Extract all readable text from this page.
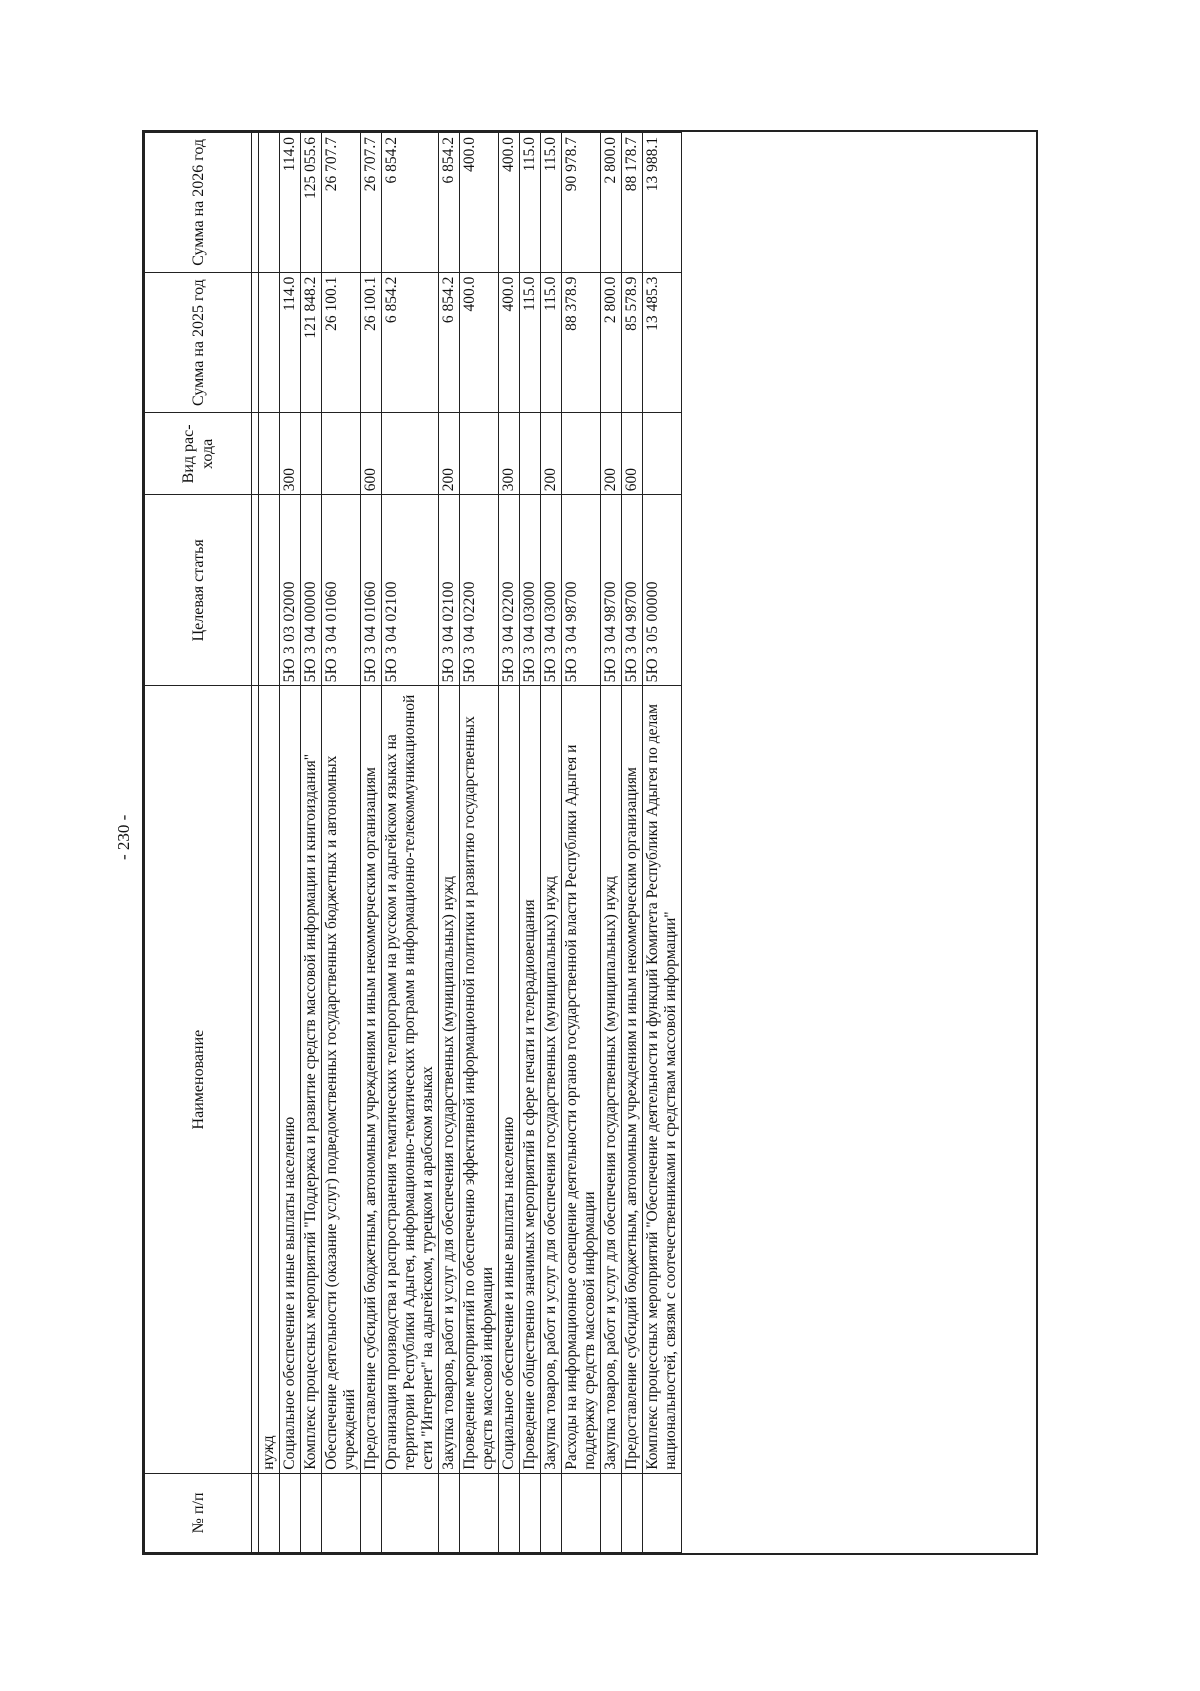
- 230 -
№ п/п	Наименование	Целевая статья	Вид рас- хода	Сумма на 2025 год	Сумма на 2026 год

	нужд				
	Социальное обеспечение и иные выплаты населению	5Ю 3 03 02000	300	114.0	114.0
	Комплекс процессных мероприятий "Поддержка и развитие средств массовой информации и книгоиздания"	5Ю 3 04 00000		121 848.2	125 055.6
	Обеспечение деятельности (оказание услуг) подведомственных государственных бюджетных и автономных учреждений	5Ю 3 04 01060		26 100.1	26 707.7
	Предоставление субсидий бюджетным, автономным учреждениям и иным некоммерческим организациям	5Ю 3 04 01060	600	26 100.1	26 707.7
	Организация производства и распространения тематических телепрограмм на русском и адыгейском языках на территории Республики Адыгея, информационно-тематических программ в информационно-телекоммуникационной сети "Интернет" на адыгейском, турецком и арабском языках	5Ю 3 04 02100		6 854.2	6 854.2
	Закупка товаров, работ и услуг для обеспечения государственных (муниципальных) нужд	5Ю 3 04 02100	200	6 854.2	6 854.2
	Проведение мероприятий по обеспечению эффективной информационной политики и развитию государственных средств массовой информации	5Ю 3 04 02200		400.0	400.0
	Социальное обеспечение и иные выплаты населению	5Ю 3 04 02200	300	400.0	400.0
	Проведение общественно значимых мероприятий в сфере печати и телерадиовещания	5Ю 3 04 03000		115.0	115.0
	Закупка товаров, работ и услуг для обеспечения государственных (муниципальных) нужд	5Ю 3 04 03000	200	115.0	115.0
	Расходы на информационное освещение деятельности органов государственной власти Республики Адыгея и поддержку средств массовой информации	5Ю 3 04 98700		88 378.9	90 978.7
	Закупка товаров, работ и услуг для обеспечения государственных (муниципальных) нужд	5Ю 3 04 98700	200	2 800.0	2 800.0
	Предоставление субсидий бюджетным, автономным учреждениям и иным некоммерческим организациям	5Ю 3 04 98700	600	85 578.9	88 178.7
	Комплекс процессных мероприятий "Обеспечение деятельности и функций Комитета Республики Адыгея по делам национальностей, связям с соотечественниками и средствам массовой информации"	5Ю 3 05 00000		13 485.3	13 988.1
